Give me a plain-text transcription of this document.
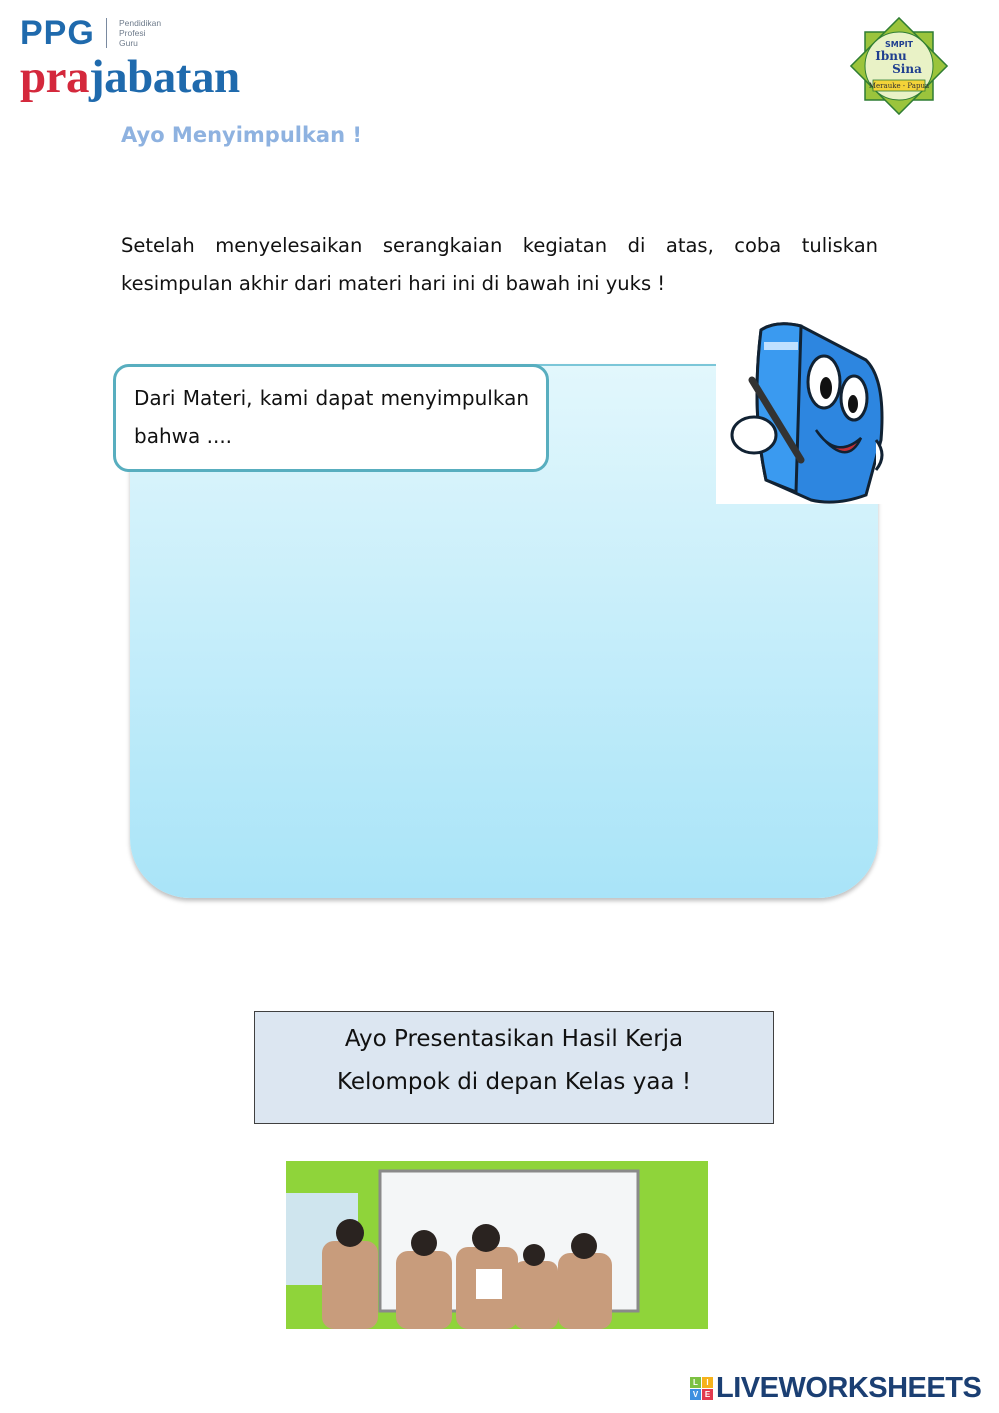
PPG	Pendidikan
Profesi
Guru
prajabatan
SMPIT
Ibnu
Sina
Merauke - Papua
Ayo Menyimpulkan !
Setelah menyelesaikan serangkaian kegiatan di atas, coba tuliskan kesimpulan akhir dari materi hari ini di bawah ini yuks !
Dari Materi, kami dapat menyimpulkan bahwa ....
Ayo Presentasikan Hasil Kerja
Kelompok di depan Kelas yaa !
L	I
V E LIVEWORKSHEETS
